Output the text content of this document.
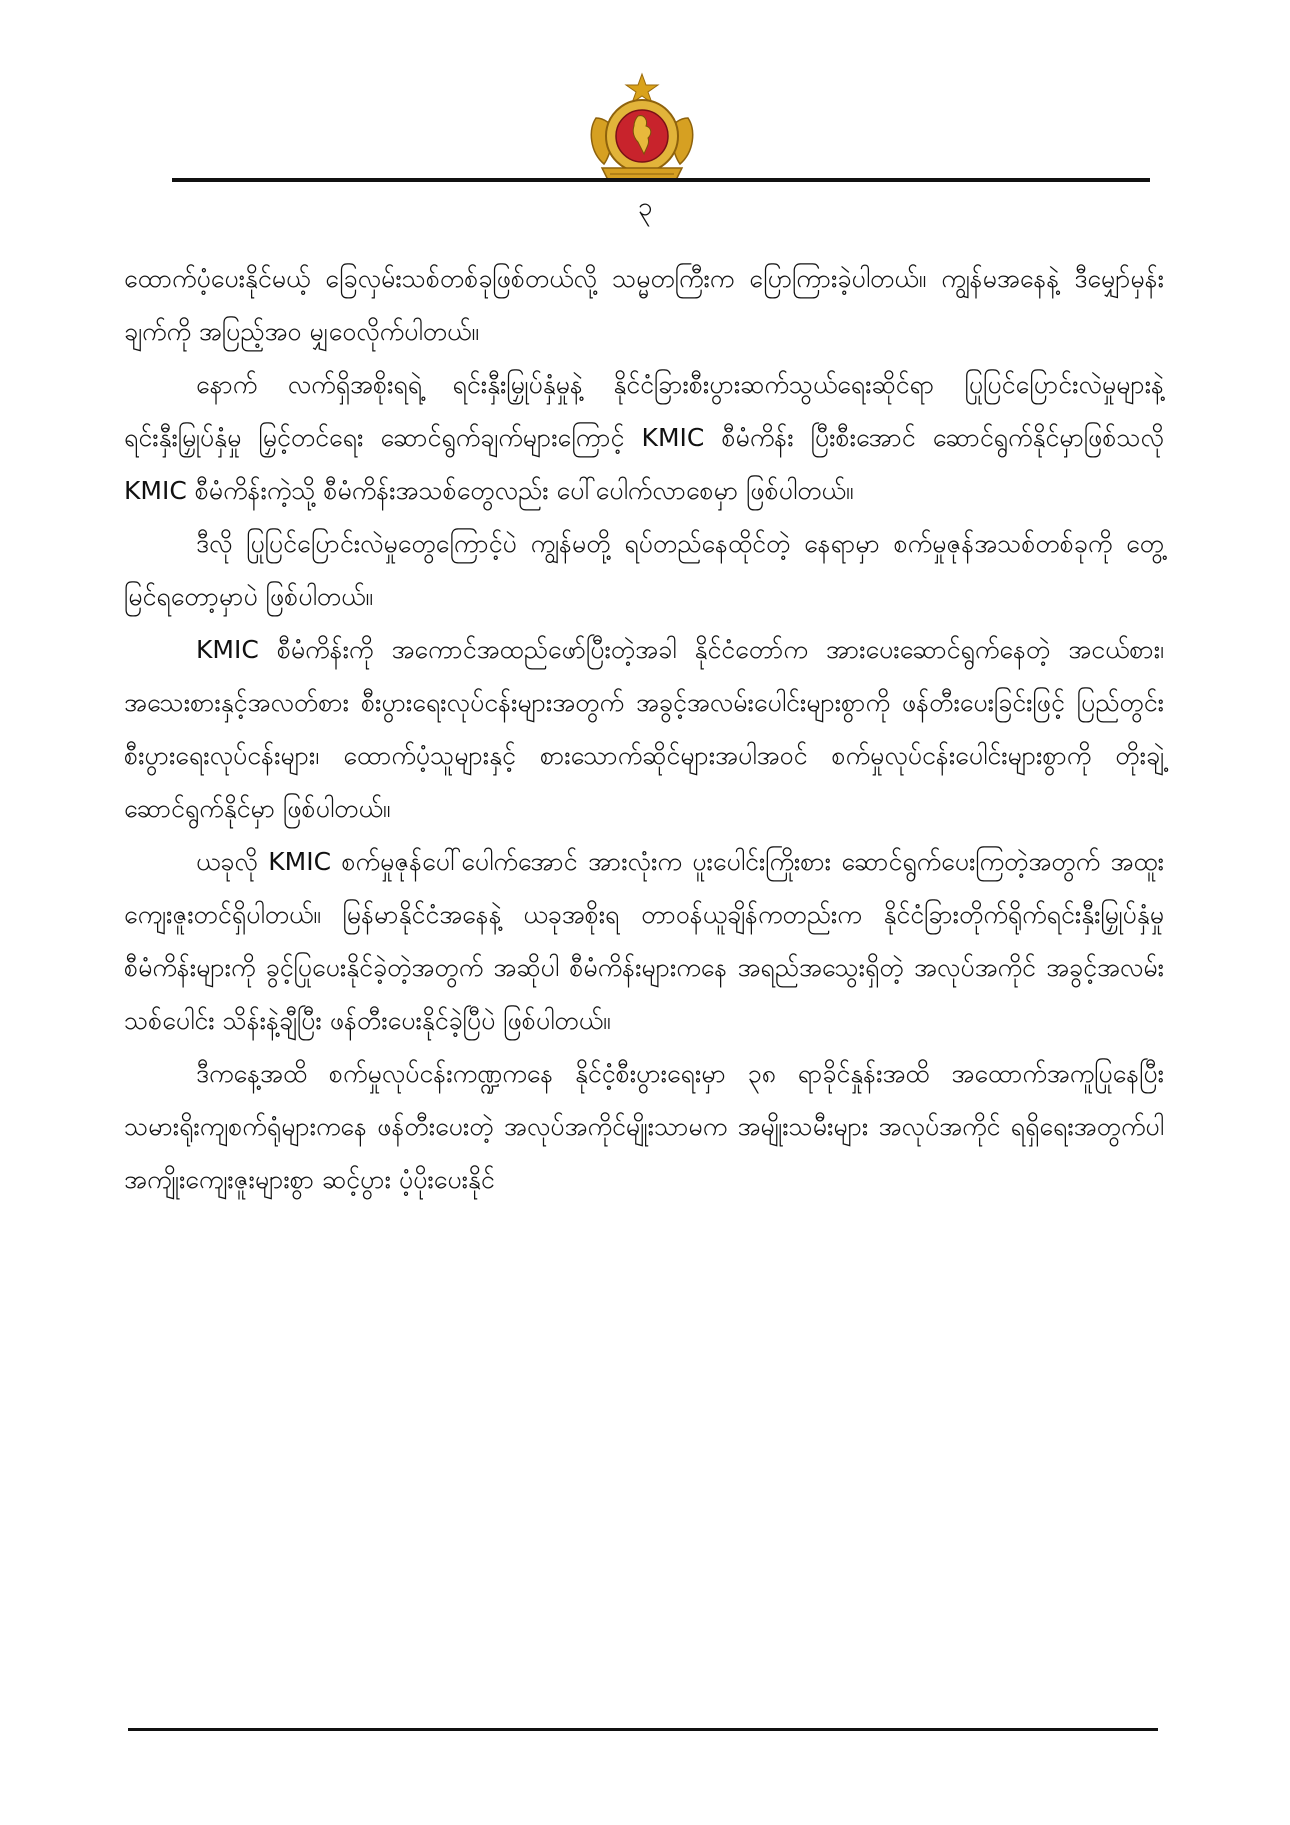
၃

ထောက်ပံ့ပေးနိုင်မယ့် ခြေလှမ်းသစ်တစ်ခုဖြစ်တယ်လို့ သမ္မတကြီးက ပြောကြားခဲ့ပါတယ်။ ကျွန်မအနေနဲ့ ဒီမျှော်မှန်းချက်ကို အပြည့်အဝ မျှဝေလိုက်ပါတယ်။

နောက် လက်ရှိအစိုးရရဲ့ ရင်းနှီးမြှုပ်နှံမှုနဲ့ နိုင်ငံခြားစီးပွားဆက်သွယ်ရေးဆိုင်ရာ ပြုပြင်ပြောင်းလဲမှုများနဲ့ ရင်းနှီးမြှုပ်နှံမှု မြှင့်တင်ရေး ဆောင်ရွက်ချက်များကြောင့် KMIC စီမံကိန်း ပြီးစီးအောင် ဆောင်ရွက်နိုင်မှာဖြစ်သလို KMIC စီမံကိန်းကဲ့သို့ စီမံကိန်းအသစ်တွေလည်း ပေါ်ပေါက်လာစေမှာ ဖြစ်ပါတယ်။

ဒီလို ပြုပြင်ပြောင်းလဲမှုတွေကြောင့်ပဲ ကျွန်မတို့ ရပ်တည်နေထိုင်တဲ့ နေရာမှာ စက်မှုဇုန်အသစ်တစ်ခုကို တွေ့မြင်ရတော့မှာပဲ ဖြစ်ပါတယ်။

KMIC စီမံကိန်းကို အကောင်အထည်ဖော်ပြီးတဲ့အခါ နိုင်ငံတော်က အားပေးဆောင်ရွက်နေတဲ့ အငယ်စား၊ အသေးစားနှင့်အလတ်စား စီးပွားရေးလုပ်ငန်းများအတွက် အခွင့်အလမ်းပေါင်းများစွာကို ဖန်တီးပေးခြင်းဖြင့် ပြည်တွင်းစီးပွားရေးလုပ်ငန်းများ၊ ထောက်ပံ့သူများနှင့် စားသောက်ဆိုင်များအပါအဝင် စက်မှုလုပ်ငန်းပေါင်းများစွာကို တိုးချဲ့ဆောင်ရွက်နိုင်မှာ ဖြစ်ပါတယ်။

ယခုလို KMIC စက်မှုဇုန်ပေါ်ပေါက်အောင် အားလုံးက ပူးပေါင်းကြိုးစား ဆောင်ရွက်ပေးကြတဲ့အတွက် အထူးကျေးဇူးတင်ရှိပါတယ်။ မြန်မာနိုင်ငံအနေနဲ့ ယခုအစိုးရ တာဝန်ယူချိန်ကတည်းက နိုင်ငံခြားတိုက်ရိုက်ရင်းနှီးမြှုပ်နှံမှု စီမံကိန်းများကို ခွင့်ပြုပေးနိုင်ခဲ့တဲ့အတွက် အဆိုပါ စီမံကိန်းများကနေ အရည်အသွေးရှိတဲ့ အလုပ်အကိုင် အခွင့်အလမ်းသစ်ပေါင်း သိန်းနဲ့ချီပြီး ဖန်တီးပေးနိုင်ခဲ့ပြီပဲ ဖြစ်ပါတယ်။

ဒီကနေ့အထိ စက်မှုလုပ်ငန်းကဏ္ဍကနေ နိုင်ငံ့စီးပွားရေးမှာ ၃၈ ရာခိုင်နှုန်းအထိ အထောက်အကူပြုနေပြီး သမားရိုးကျစက်ရုံများကနေ ဖန်တီးပေးတဲ့ အလုပ်အကိုင်မျိုးသာမက အမျိုးသမီးများ အလုပ်အကိုင် ရရှိရေးအတွက်ပါ အကျိုးကျေးဇူးများစွာ ဆင့်ပွား ပံ့ပိုးပေးနိုင်
